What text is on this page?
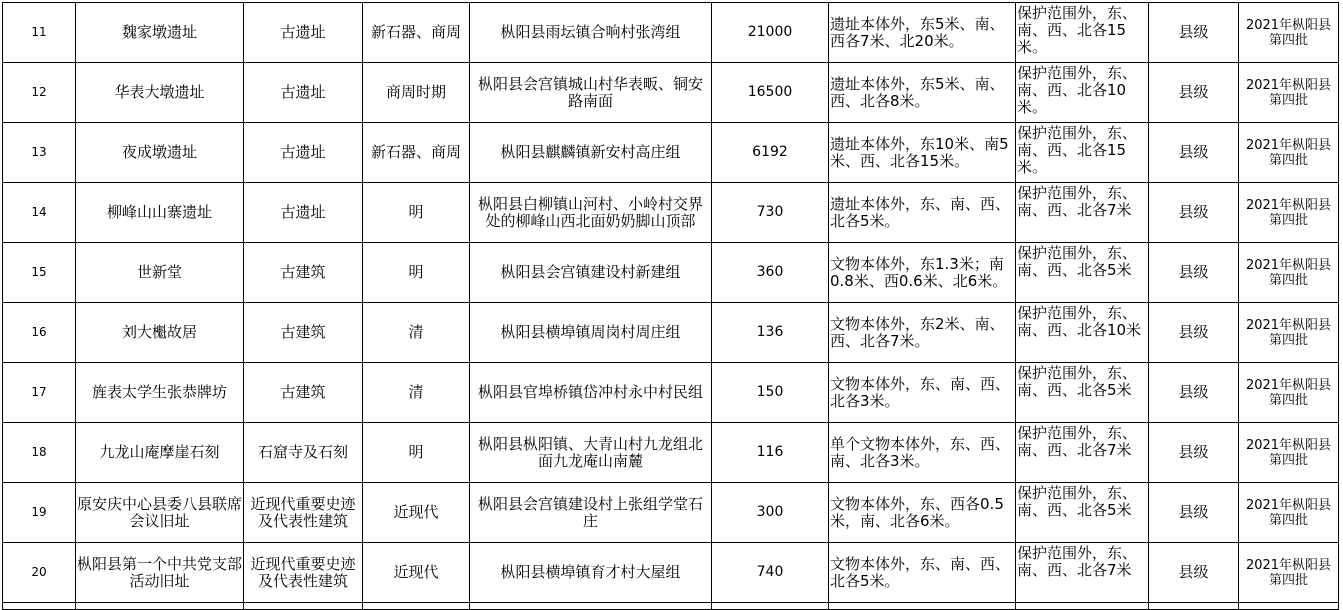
11	魏家墩遗址	古遗址	新石器、商周	枞阳县雨坛镇合响村张湾组	21000	遗址本体外，东5米、南、西各7米、北20米。	保护范围外，东、南、西、北各15米。	县级	2021年枞阳县第四批
12	华表大墩遗址	古遗址	商周时期	枞阳县会宫镇城山村华表畈、铜安路南面	16500	遗址本体外，东5米、南、西、北各8米。	保护范围外，东、南、西、北各10米。	县级	2021年枞阳县第四批
13	夜成墩遗址	古遗址	新石器、商周	枞阳县麒麟镇新安村高庄组	6192	遗址本体外，东10米、南5米、西、北各15米。	保护范围外，东、南、西、北各15米。	县级	2021年枞阳县第四批
14	柳峰山山寨遗址	古遗址	明	枞阳县白柳镇山河村、小岭村交界处的柳峰山西北面奶奶脚山顶部	730	遗址本体外，东、南、西、北各5米。	保护范围外，东、南、西、北各7米	县级	2021年枞阳县第四批
15	世新堂	古建筑	明	枞阳县会宫镇建设村新建组	360	文物本体外，东1.3米；南0.8米、西0.6米、北6米。	保护范围外，东、南、西、北各5米	县级	2021年枞阳县第四批
16	刘大櫆故居	古建筑	清	枞阳县横埠镇周岗村周庄组	136	文物本体外，东2米、南、西、北各7米。	保护范围外，东、南、西、北各10米	县级	2021年枞阳县第四批
17	旌表太学生张恭牌坊	古建筑	清	枞阳县官埠桥镇岱冲村永中村民组	150	文物本体外，东、南、西、北各3米。	保护范围外，东、南、西、北各5米	县级	2021年枞阳县第四批
18	九龙山庵摩崖石刻	石窟寺及石刻	明	枞阳县枞阳镇、大青山村九龙组北面九龙庵山南麓	116	单个文物本体外，东、西、南、北各3米。	保护范围外，东、南、西、北各7米	县级	2021年枞阳县第四批
19	原安庆中心县委八县联席会议旧址	近现代重要史迹及代表性建筑	近现代	枞阳县会宫镇建设村上张组学堂石庄	300	文物本体外，东、西各0.5米，南、北各6米。	保护范围外，东、南、西、北各5米	县级	2021年枞阳县第四批
20	枞阳县第一个中共党支部活动旧址	近现代重要史迹及代表性建筑	近现代	枞阳县横埠镇育才村大屋组	740	文物本体外，东、南、西、北各5米。	保护范围外，东、南、西、北各7米	县级	2021年枞阳县第四批
